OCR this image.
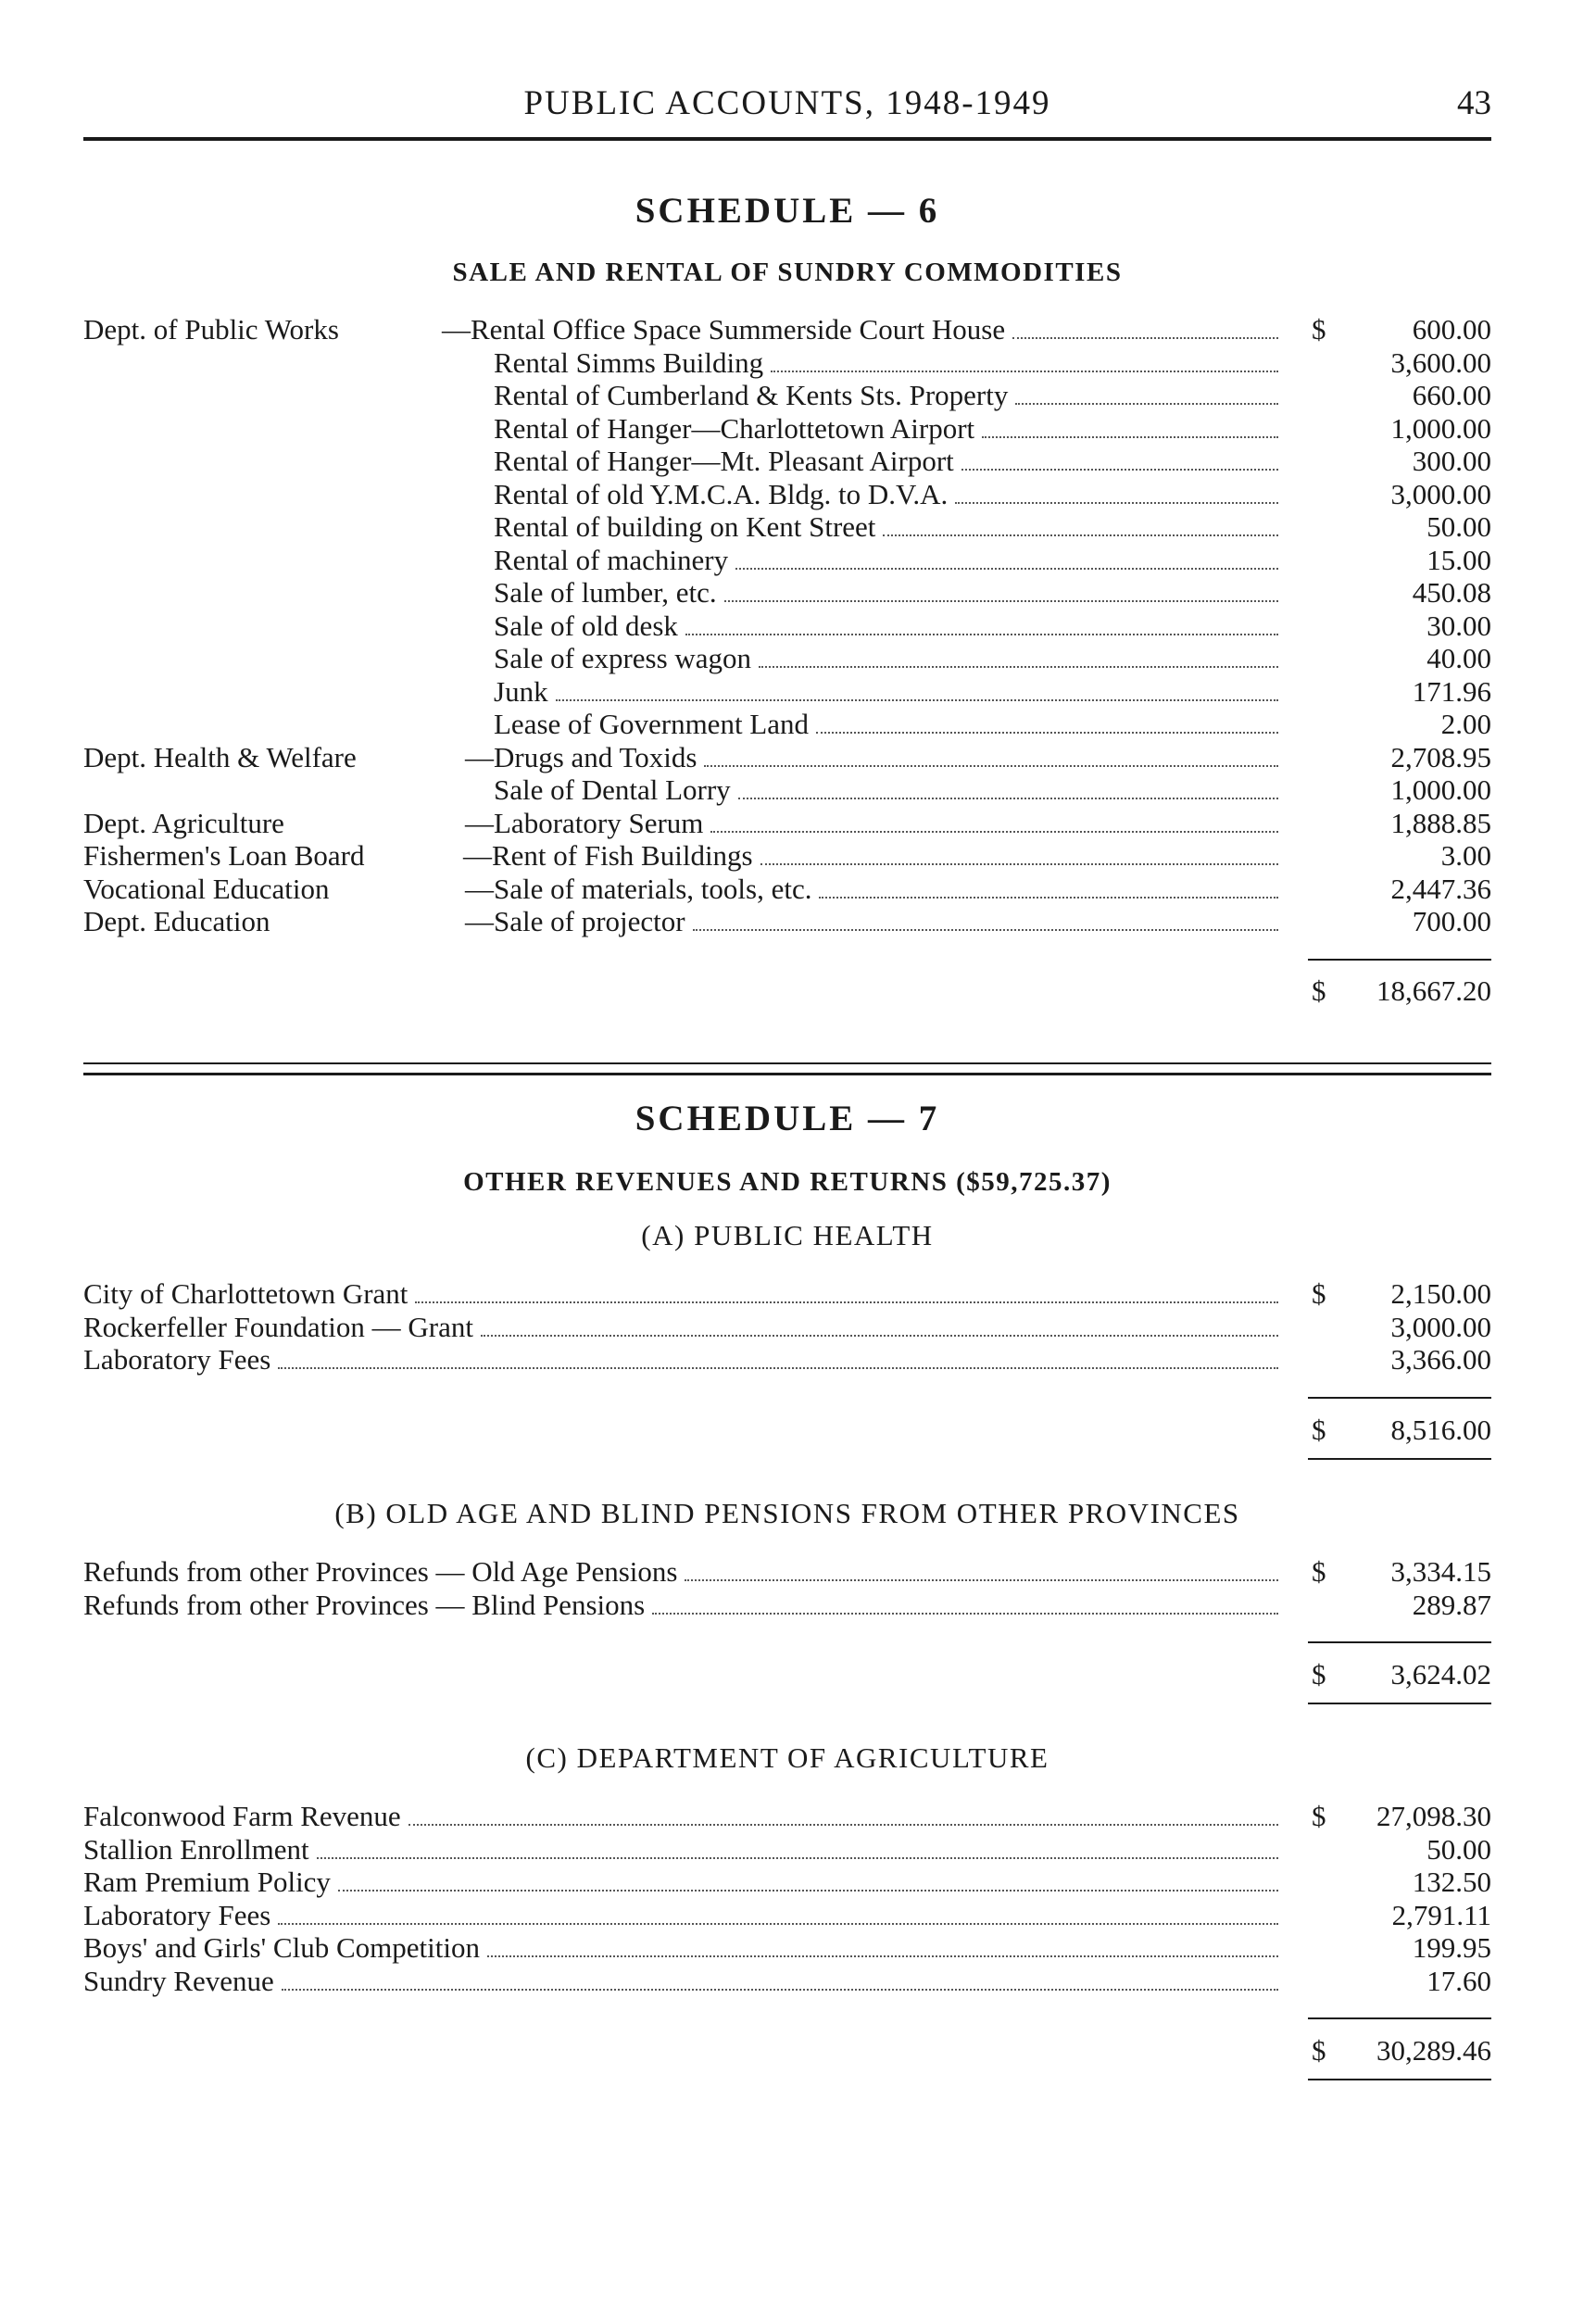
PUBLIC ACCOUNTS, 1948-1949	43
SCHEDULE — 6
SALE AND RENTAL OF SUNDRY COMMODITIES
Dept. of Public Works	—Rental Office Space Summerside Court House	$	600.00
Rental Simms Building	3,600.00
Rental of Cumberland & Kents Sts. Property	660.00
Rental of Hanger—Charlottetown Airport	1,000.00
Rental of Hanger—Mt. Pleasant Airport	300.00
Rental of old Y.M.C.A. Bldg. to D.V.A.	3,000.00
Rental of building on Kent Street	50.00
Rental of machinery	15.00
Sale of lumber, etc.	450.08
Sale of old desk	30.00
Sale of express wagon	40.00
Junk	171.96
Lease of Government Land	2.00
Dept. Health & Welfare	—Drugs and Toxids	2,708.95
Sale of Dental Lorry	1,000.00
Dept. Agriculture	—Laboratory Serum	1,888.85
Fishermen's Loan Board	—Rent of Fish Buildings	3.00
Vocational Education	—Sale of materials, tools, etc.	2,447.36
Dept. Education	—Sale of projector	700.00
$ 18,667.20
SCHEDULE — 7
OTHER REVENUES AND RETURNS ($59,725.37)
(A) PUBLIC HEALTH
City of Charlottetown Grant	$ 2,150.00
Rockerfeller Foundation — Grant	3,000.00
Laboratory Fees	3,366.00
$ 8,516.00
(B) OLD AGE AND BLIND PENSIONS FROM OTHER PROVINCES
Refunds from other Provinces — Old Age Pensions	$ 3,334.15
Refunds from other Provinces — Blind Pensions	289.87
$ 3,624.02
(C) DEPARTMENT OF AGRICULTURE
Falconwood Farm Revenue	$ 27,098.30
Stallion Enrollment	50.00
Ram Premium Policy	132.50
Laboratory Fees	2,791.11
Boys' and Girls' Club Competition	199.95
Sundry Revenue	17.60
$ 30,289.46
